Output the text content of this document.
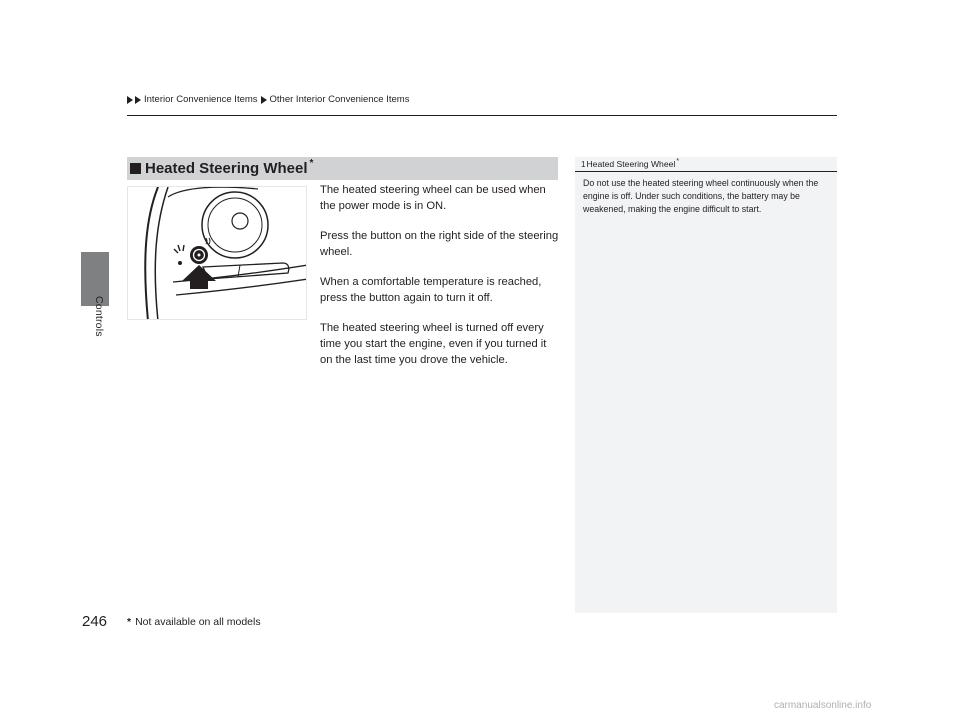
Controls
Interior Convenience Items Other Interior Convenience Items
Heated Steering Wheel *

The heated steering wheel can be used when the power mode is in ON.

Press the button on the right side of the steering wheel.

When a comfortable temperature is reached, press the button again to turn it off.

The heated steering wheel is turned off every time you start the engine, even if you turned it on the last time you drove the vehicle.

1 Heated Steering Wheel *
Do not use the heated steering wheel continuously when the engine is off. Under such conditions, the battery may be weakened, making the engine difficult to start.
246 * Not available on all models
carmanualsonline.info
